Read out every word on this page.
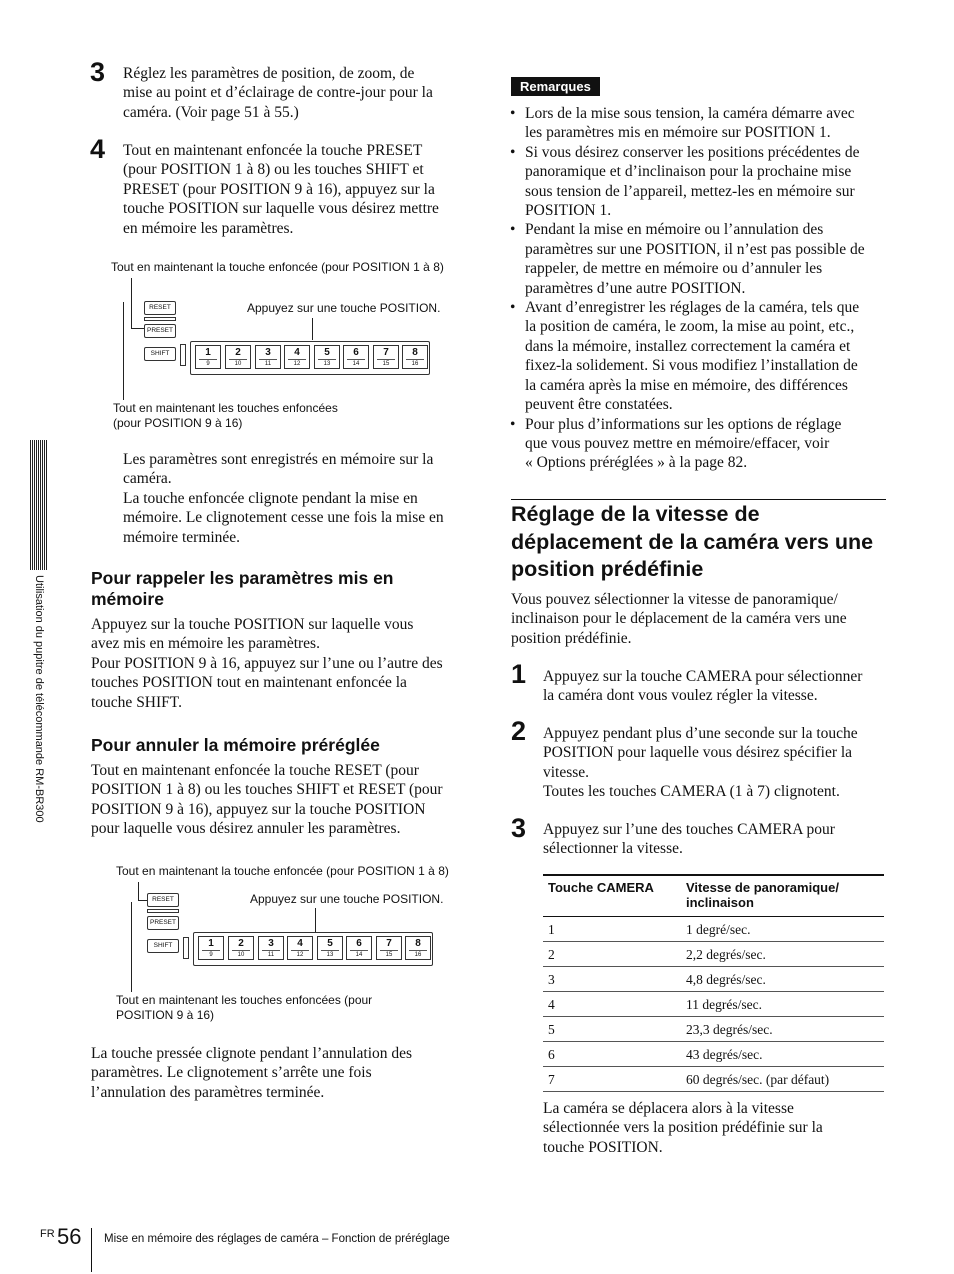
3 Réglez les paramètres de position, de zoom, de
mise au point et d’éclairage de contre-jour pour la
caméra. (Voir page 51 à 55.)
4 Tout en maintenant enfoncée la touche PRESET
(pour POSITION 1 à 8) ou les touches SHIFT et
PRESET (pour POSITION 9 à 16), appuyez sur la
touche POSITION sur laquelle vous désirez mettre
en mémoire les paramètres.
Tout en maintenant la touche enfoncée (pour POSITION 1 à 8)
Appuyez sur une touche POSITION.
RESET
PRESET
SHIFT	1
9
2
10
3
11
4
12
5
13
6
14
7
15
8
16
Tout en maintenant les touches enfoncées
(pour POSITION 9 à 16)
Les paramètres sont enregistrés en mémoire sur la
caméra.
La touche enfoncée clignote pendant la mise en
mémoire. Le clignotement cesse une fois la mise en
mémoire terminée.
Pour rappeler les paramètres mis en
mémoire
Appuyez sur la touche POSITION sur laquelle vous
avez mis en mémoire les paramètres.
Pour POSITION 9 à 16, appuyez sur l’une ou l’autre des
touches POSITION tout en maintenant enfoncée la
touche SHIFT.
Pour annuler la mémoire préréglée
Tout en maintenant enfoncée la touche RESET (pour
POSITION 1 à 8) ou les touches SHIFT et RESET (pour
POSITION 9 à 16), appuyez sur la touche POSITION
pour laquelle vous désirez annuler les paramètres.
Tout en maintenant la touche enfoncée (pour POSITION 1 à 8)
Appuyez sur une touche POSITION.
RESET
PRESET
SHIFT	1
9
2
10
3
11
4
12
5
13
6
14
7
15
8
16
Tout en maintenant les touches enfoncées (pour
POSITION 9 à 16)
La touche pressée clignote pendant l’annulation des
paramètres. Le clignotement s’arrête une fois
l’annulation des paramètres terminée.
Remarques
• Lors de la mise sous tension, la caméra démarre avec
les paramètres mis en mémoire sur POSITION 1.
• Si vous désirez conserver les positions précédentes de
panoramique et d’inclinaison pour la prochaine mise
sous tension de l’appareil, mettez-les en mémoire sur
POSITION 1.
• Pendant la mise en mémoire ou l’annulation des
paramètres sur une POSITION, il n’est pas possible de
rappeler, de mettre en mémoire ou d’annuler les
paramètres d’une autre POSITION.
• Avant d’enregistrer les réglages de la caméra, tels que
la position de caméra, le zoom, la mise au point, etc.,
dans la mémoire, installez correctement la caméra et
fixez-la solidement. Si vous modifiez l’installation de
la caméra après la mise en mémoire, des différences
peuvent être constatées.
• Pour plus d’informations sur les options de réglage
que vous pouvez mettre en mémoire/effacer, voir
« Options préréglées » à la page 82.
Réglage de la vitesse de
déplacement de la caméra vers une
position prédéfinie
Vous pouvez sélectionner la vitesse de panoramique/
inclinaison pour le déplacement de la caméra vers une
position prédéfinie.
1 Appuyez sur la touche CAMERA pour sélectionner
la caméra dont vous voulez régler la vitesse.
2 Appuyez pendant plus d’une seconde sur la touche
POSITION pour laquelle vous désirez spécifier la
vitesse.
Toutes les touches CAMERA (1 à 7) clignotent.
3 Appuyez sur l’une des touches CAMERA pour
sélectionner la vitesse.
Touche CAMERA	Vitesse de panoramique/ inclinaison
1	1 degré/sec.
2	2,2 degrés/sec.
3	4,8 degrés/sec.
4	11 degrés/sec.
5	23,3 degrés/sec.
6	43 degrés/sec.
7	60 degrés/sec. (par défaut)
La caméra se déplacera alors à la vitesse
sélectionnée vers la position prédéfinie sur la
touche POSITION.
Utilisation du pupitre de télécommande RM-BR300
FR 56 Mise en mémoire des réglages de caméra – Fonction de préréglage
